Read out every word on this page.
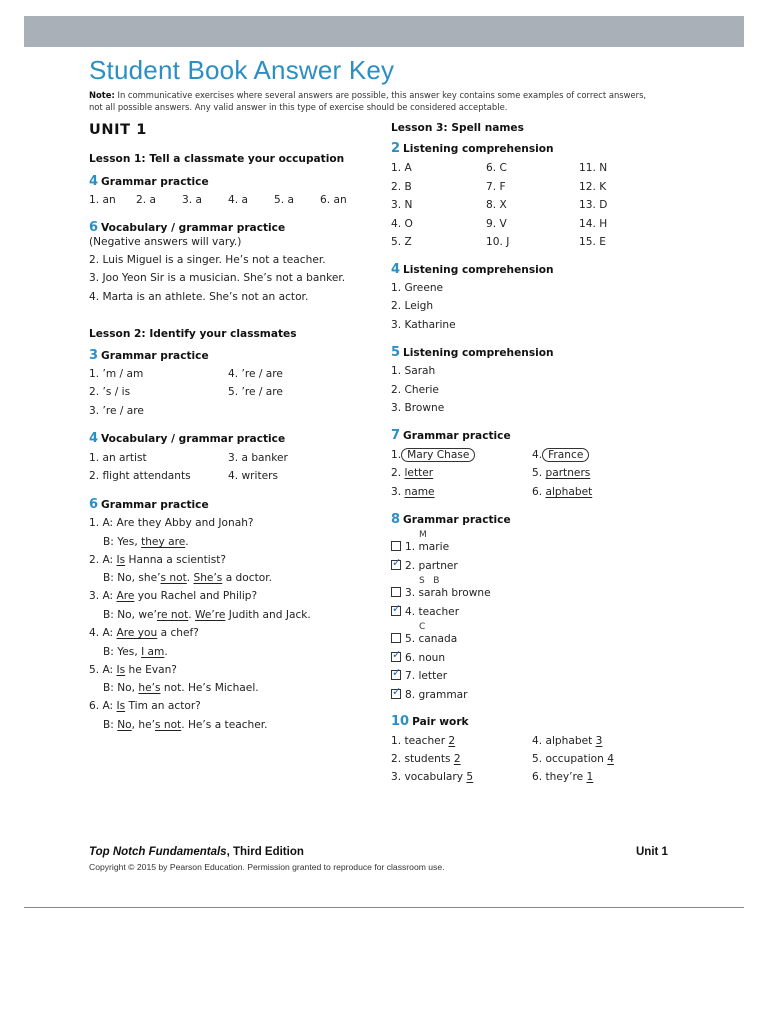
Student Book Answer Key
Note: In communicative exercises where several answers are possible, this answer key contains some examples of correct answers, not all possible answers. Any valid answer in this type of exercise should be considered acceptable.
UNIT 1
Lesson 1: Tell a classmate your occupation
4 Grammar practice
1. an 2. a 3. a 4. a 5. a 6. an
6 Vocabulary / grammar practice
(Negative answers will vary.)
2. Luis Miguel is a singer. He’s not a teacher.
3. Joo Yeon Sir is a musician. She’s not a banker.
4. Marta is an athlete. She’s not an actor.
Lesson 2: Identify your classmates
3 Grammar practice
1. ’m / am
2. ’s / is
3. ’re / are
4. ’re / are
5. ’re / are
4 Vocabulary / grammar practice
1. an artist
2. flight attendants
3. a banker
4. writers
6 Grammar practice
1. A: Are they Abby and Jonah?
B: Yes, they are.
2. A: Is Hanna a scientist?
B: No, she’s not. She’s a doctor.
3. A: Are you Rachel and Philip?
B: No, we’re not. We’re Judith and Jack.
4. A: Are you a chef?
B: Yes, I am.
5. A: Is he Evan?
B: No, he’s not. He’s Michael.
6. A: Is Tim an actor?
B: No, he’s not. He’s a teacher.
Lesson 3: Spell names
2 Listening comprehension
1. A
2. B
3. N
4. O
5. Z
6. C
7. F
8. X
9. V
10. J
11. N
12. K
13. D
14. H
15. E
4 Listening comprehension
1. Greene
2. Leigh
3. Katharine
5 Listening comprehension
1. Sarah
2. Cherie
3. Browne
7 Grammar practice
1. Mary Chase
2. letter
3. name
4. France
5. partners
6. alphabet
8 Grammar practice
1. marie
M
✓2. partner
3. sarah browne
S   B
✓4. teacher
5. canada
C
✓6. noun
✓7. letter
✓8. grammar
10 Pair work
1. teacher 2
2. students 2
3. vocabulary 5
4. alphabet 3
5. occupation 4
6. they’re 1
Top Notch Fundamentals, Third Edition	Unit 1
Copyright © 2015 by Pearson Education. Permission granted to reproduce for classroom use.
